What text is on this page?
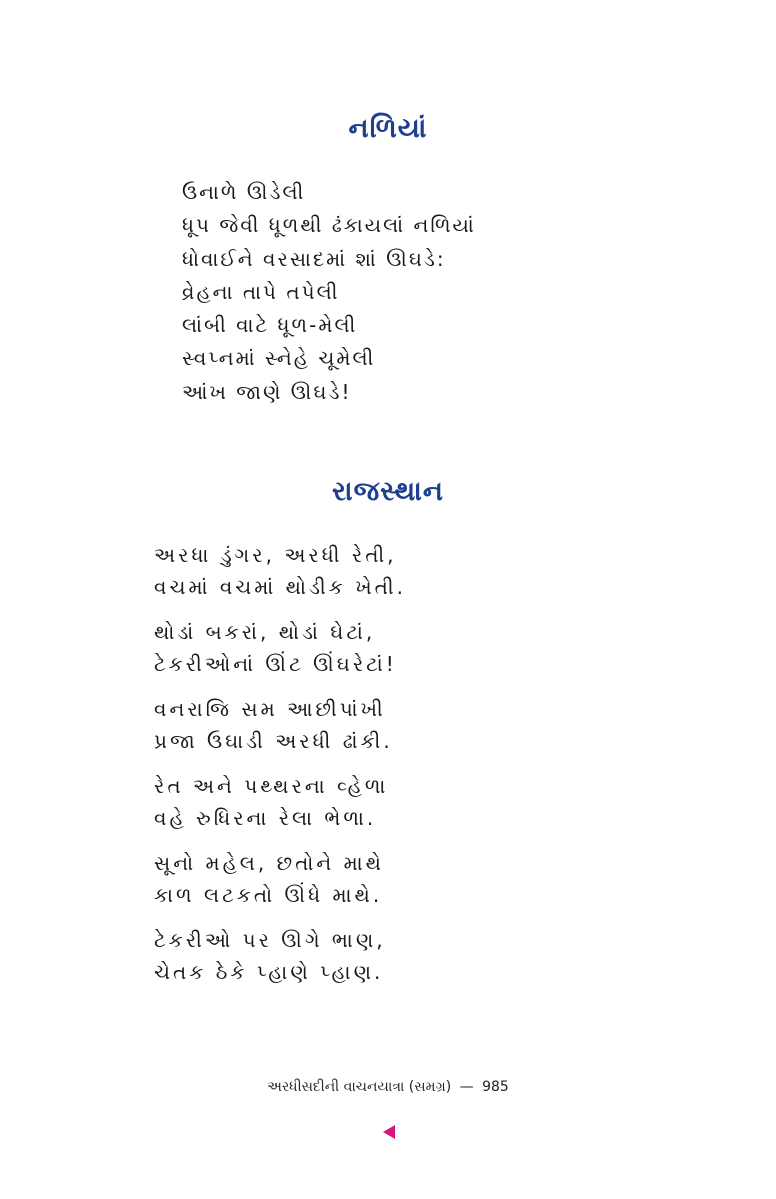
નળિયાં
ઉનાળે ઊડેલી
ધૂપ જેવી ધૂળથી ઢંકાયલાં નળિયાં
ધોવાઈને વરસાદમાં શાં ઊઘડે:
વ્રેહના તાપે તપેલી
લાંબી વાટે ધૂળ-મેલી
સ્વપ્નમાં સ્નેહે ચૂમેલી
આંખ જાણે ઊઘડે!
રાજસ્થાન
અરધા ડુંગર, અરધી રેતી,
વચમાં વચમાં થોડીક ખેતી.
થોડાં બકરાં, થોડાં ઘેટાં,
ટેકરીઓનાં ઊંટ ઊંઘરેટાં!
વનરાજિ સમ આછીપાંખી
પ્રજા ઉઘાડી અરધી ઢાંકી.
રેત અને પથ્થરના વ્હેળા
વહે રુધિરના રેલા ભેળા.
સૂનો મહેલ, છતોને માથે
કાળ લટકતો ઊંધે માથે.
ટેકરીઓ પર ઊગે ભાણ,
ચેતક ઠેકે પ્હાણે પ્હાણ.
અરધીસદીની વાચનયાત્રા (સમગ્ર) — 985
